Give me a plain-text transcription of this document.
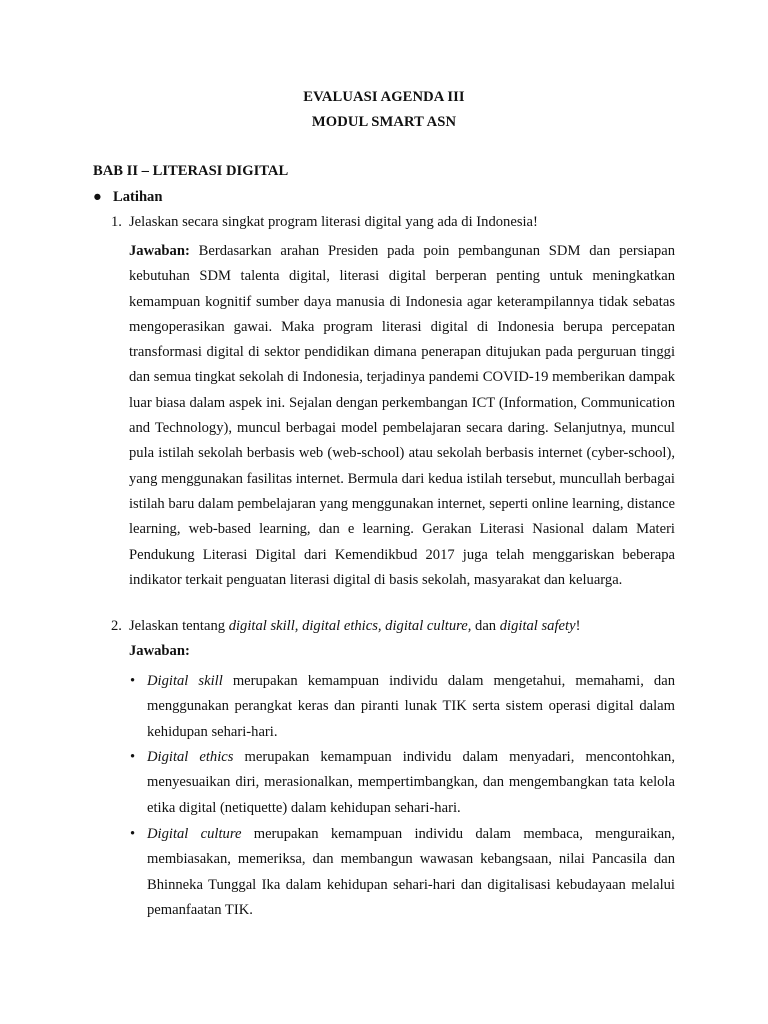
EVALUASI AGENDA III
MODUL SMART ASN
BAB II – LITERASI DIGITAL
● Latihan
1. Jelaskan secara singkat program literasi digital yang ada di Indonesia!
Jawaban: Berdasarkan arahan Presiden pada poin pembangunan SDM dan persiapan kebutuhan SDM talenta digital, literasi digital berperan penting untuk meningkatkan kemampuan kognitif sumber daya manusia di Indonesia agar keterampilannya tidak sebatas mengoperasikan gawai. Maka program literasi digital di Indonesia berupa percepatan transformasi digital di sektor pendidikan dimana penerapan ditujukan pada perguruan tinggi dan semua tingkat sekolah di Indonesia, terjadinya pandemi COVID-19 memberikan dampak luar biasa dalam aspek ini. Sejalan dengan perkembangan ICT (Information, Communication and Technology), muncul berbagai model pembelajaran secara daring. Selanjutnya, muncul pula istilah sekolah berbasis web (web-school) atau sekolah berbasis internet (cyber-school), yang menggunakan fasilitas internet. Bermula dari kedua istilah tersebut, muncullah berbagai istilah baru dalam pembelajaran yang menggunakan internet, seperti online learning, distance learning, web-based learning, dan e learning. Gerakan Literasi Nasional dalam Materi Pendukung Literasi Digital dari Kemendikbud 2017 juga telah menggariskan beberapa indikator terkait penguatan literasi digital di basis sekolah, masyarakat dan keluarga.
2. Jelaskan tentang digital skill, digital ethics, digital culture, dan digital safety!
Jawaban:
• Digital skill merupakan kemampuan individu dalam mengetahui, memahami, dan menggunakan perangkat keras dan piranti lunak TIK serta sistem operasi digital dalam kehidupan sehari-hari.
• Digital ethics merupakan kemampuan individu dalam menyadari, mencontohkan, menyesuaikan diri, merasionalkan, mempertimbangkan, dan mengembangkan tata kelola etika digital (netiquette) dalam kehidupan sehari-hari.
• Digital culture merupakan kemampuan individu dalam membaca, menguraikan, membiasakan, memeriksa, dan membangun wawasan kebangsaan, nilai Pancasila dan Bhinneka Tunggal Ika dalam kehidupan sehari-hari dan digitalisasi kebudayaan melalui pemanfaatan TIK.
